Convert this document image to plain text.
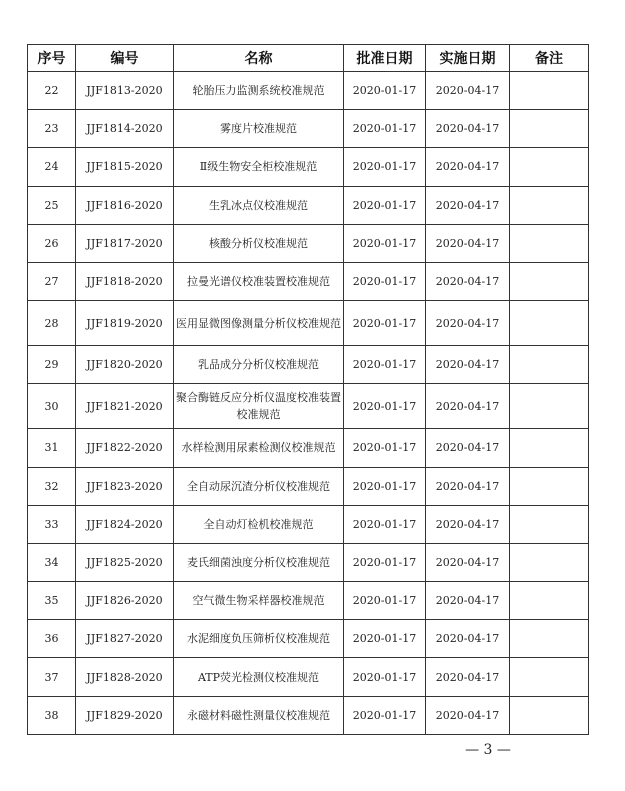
序号	编号	名称	批准日期	实施日期	备注
22	JJF1813-2020	轮胎压力监测系统校准规范	2020-01-17	2020-04-17	
23	JJF1814-2020	雾度片校准规范	2020-01-17	2020-04-17	
24	JJF1815-2020	Ⅱ级生物安全柜校准规范	2020-01-17	2020-04-17	
25	JJF1816-2020	生乳冰点仪校准规范	2020-01-17	2020-04-17	
26	JJF1817-2020	核酸分析仪校准规范	2020-01-17	2020-04-17	
27	JJF1818-2020	拉曼光谱仪校准装置校准规范	2020-01-17	2020-04-17	
28	JJF1819-2020	医用显微图像测量分析仪校准规范	2020-01-17	2020-04-17	
29	JJF1820-2020	乳品成分分析仪校准规范	2020-01-17	2020-04-17	
30	JJF1821-2020	聚合酶链反应分析仪温度校准装置校准规范	2020-01-17	2020-04-17	
31	JJF1822-2020	水样检测用尿素检测仪校准规范	2020-01-17	2020-04-17	
32	JJF1823-2020	全自动尿沉渣分析仪校准规范	2020-01-17	2020-04-17	
33	JJF1824-2020	全自动灯检机校准规范	2020-01-17	2020-04-17	
34	JJF1825-2020	麦氏细菌浊度分析仪校准规范	2020-01-17	2020-04-17	
35	JJF1826-2020	空气微生物采样器校准规范	2020-01-17	2020-04-17	
36	JJF1827-2020	水泥细度负压筛析仪校准规范	2020-01-17	2020-04-17	
37	JJF1828-2020	ATP荧光检测仪校准规范	2020-01-17	2020-04-17	
38	JJF1829-2020	永磁材料磁性测量仪校准规范	2020-01-17	2020-04-17	
— 3 —
